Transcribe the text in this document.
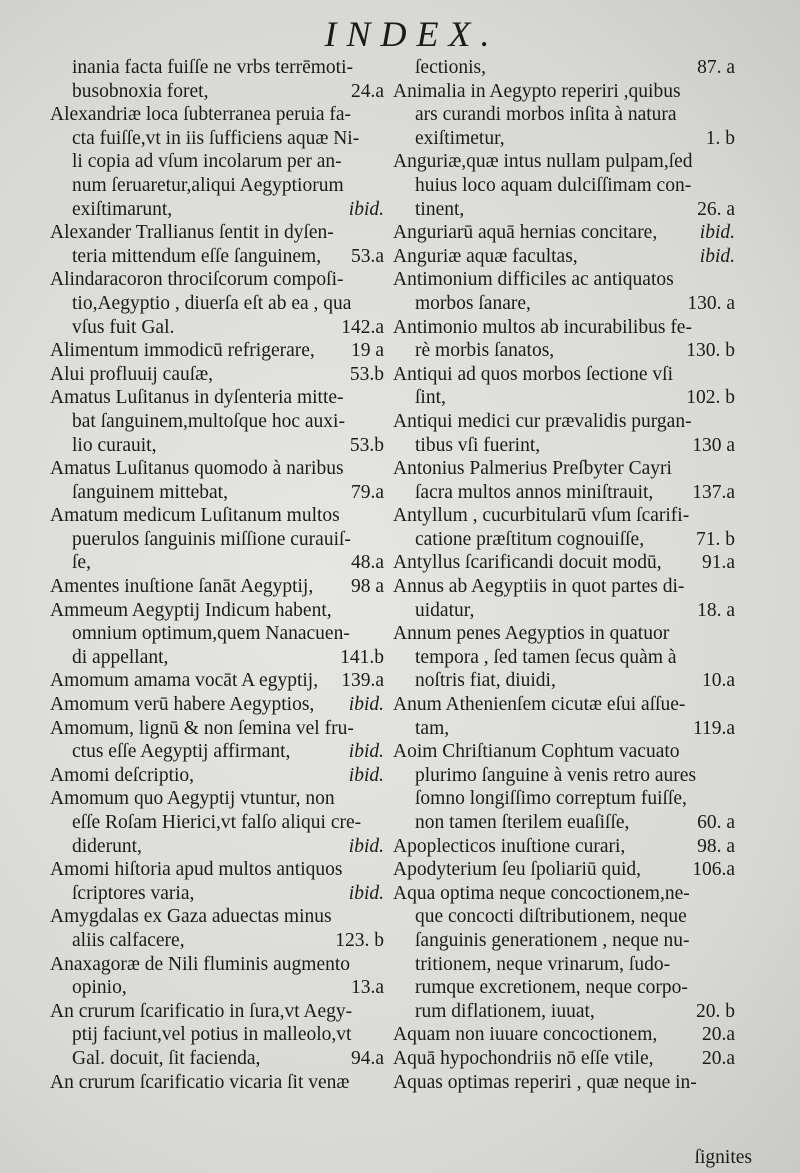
INDEX.
inania facta fuiſſe ne vrbs terrēmoti-
busobnoxia foret,	24.a
Alexandriæ loca ſubterranea peruia fa-
cta fuiſſe,vt in iis ſufficiens aquæ Ni-
li copia ad vſum incolarum per an-
num ſeruaretur,aliqui Aegyptiorum
exiſtimarunt,	ibid.
Alexander Trallianus ſentit in dyſen-
teria mittendum eſſe ſanguinem, 53.a
Alindaracoron throciſcorum compoſi-
tio,Aegyptio , diuerſa eſt ab ea , qua
vſus fuit Gal.	142.a
Alimentum immodicū refrigerare, 19 a
Alui profluuij cauſæ,	53.b
Amatus Luſitanus in dyſenteria mitte-
bat ſanguinem,multoſque hoc auxi-
lio curauit,	53.b
Amatus Luſitanus quomodo à naribus
ſanguinem mittebat,	79.a
Amatum medicum Luſitanum multos
puerulos ſanguinis miſſione curauiſ-
ſe,	48.a
Amentes inuſtione ſanāt Aegyptij, 98 a
Ammeum Aegyptij Indicum habent,
omnium optimum,quem Nanacuen-
di appellant,	141.b
Amomum amama vocāt A egyptij, 139.a
Amomum verū habere Aegyptios, ibid.
Amomum, lignū & non ſemina vel fru-
ctus eſſe Aegyptij affirmant,	ibid.
Amomi deſcriptio,	ibid.
Amomum quo Aegyptij vtuntur, non
eſſe Roſam Hierici,vt falſo aliqui cre-
diderunt,	ibid.
Amomi hiſtoria apud multos antiquos
ſcriptores varia,	ibid.
Amygdalas ex Gaza aduectas minus
aliis calfacere,	123. b
Anaxagoræ de Nili fluminis augmento
opinio,	13.a
An crurum ſcarificatio in ſura,vt Aegy-
ptij faciunt,vel potius in malleolo,vt
Gal. docuit, ſit facienda,	94.a
An crurum ſcarificatio vicaria ſit venæ
ſectionis,	87. a
Animalia in Aegypto reperiri ,quibus
ars curandi morbos inſita à natura
exiſtimetur,	1. b
Anguriæ,quæ intus nullam pulpam,ſed
huius loco aquam dulciſſimam con-
tinent,	26. a
Anguriarū aquā hernias concitare, ibid.
Anguriæ aquæ facultas,	ibid.
Antimonium difficiles ac antiquatos
morbos ſanare,	130. a
Antimonio multos ab incurabilibus fe-
rè morbis ſanatos,	130. b
Antiqui ad quos morbos ſectione vſi
ſint,	102. b
Antiqui medici cur prævalidis purgan-
tibus vſi fuerint,	130 a
Antonius Palmerius Preſbyter Cayri
ſacra multos annos miniſtrauit, 137.a
Antyllum , cucurbitularū vſum ſcarifi-
catione præſtitum cognouiſſe,	71. b
Antyllus ſcarificandi docuit modū, 91.a
Annus ab Aegyptiis in quot partes di-
uidatur,	18. a
Annum penes Aegyptios in quatuor
tempora , ſed tamen ſecus quàm à
noſtris fiat, diuidi,	10.a
Anum Athenienſem cicutæ eſui aſſue-
tam,	119.a
Aoim Chriſtianum Cophtum vacuato
plurimo ſanguine à venis retro aures
ſomno longiſſimo correptum fuiſſe,
non tamen ſterilem euaſiſſe,	60. a
Apoplecticos inuſtione curari,	98. a
Apodyterium ſeu ſpoliariū quid,	106.a
Aqua optima neque concoctionem,ne-
que concocti diſtributionem, neque
ſanguinis generationem , neque nu-
tritionem, neque vrinarum, ſudo-
rumque excretionem, neque corpo-
rum diflationem, iuuat,	20. b
Aquam non iuuare concoctionem, 20.a
Aquā hypochondriis nō eſſe vtile, 20.a
Aquas optimas reperiri , quæ neque in-
ſignites
